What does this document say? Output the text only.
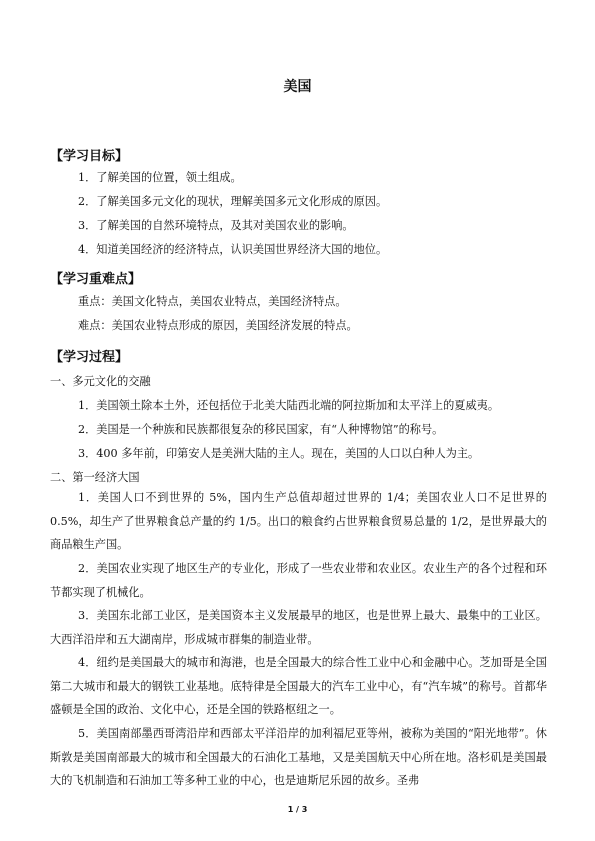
美国
【学习目标】
1．了解美国的位置，领土组成。
2．了解美国多元文化的现状，理解美国多元文化形成的原因。
3．了解美国的自然环境特点，及其对美国农业的影响。
4．知道美国经济的经济特点，认识美国世界经济大国的地位。
【学习重难点】
重点：美国文化特点，美国农业特点，美国经济特点。
难点：美国农业特点形成的原因，美国经济发展的特点。
【学习过程】
一、多元文化的交融
1．美国领土除本土外，还包括位于北美大陆西北端的阿拉斯加和太平洋上的夏威夷。
2．美国是一个种族和民族都很复杂的移民国家，有“人种博物馆”的称号。
3．400 多年前，印第安人是美洲大陆的主人。现在，美国的人口以白种人为主。
二、第一经济大国
1．美国人口不到世界的 5%，国内生产总值却超过世界的 1/4；美国农业人口不足世界的 0.5%，却生产了世界粮食总产量的约 1/5。出口的粮食约占世界粮食贸易总量的 1/2，是世界最大的商品粮生产国。
2．美国农业实现了地区生产的专业化，形成了一些农业带和农业区。农业生产的各个过程和环节都实现了机械化。
3．美国东北部工业区，是美国资本主义发展最早的地区，也是世界上最大、最集中的工业区。大西洋沿岸和五大湖南岸，形成城市群集的制造业带。
4．纽约是美国最大的城市和海港，也是全国最大的综合性工业中心和金融中心。芝加哥是全国第二大城市和最大的钢铁工业基地。底特律是全国最大的汽车工业中心，有“汽车城”的称号。首都华盛顿是全国的政治、文化中心，还是全国的铁路枢纽之一。
5．美国南部墨西哥湾沿岸和西部太平洋沿岸的加利福尼亚等州，被称为美国的“阳光地带”。休斯敦是美国南部最大的城市和全国最大的石油化工基地，又是美国航天中心所在地。洛杉矶是美国最大的飞机制造和石油加工等多种工业的中心，也是迪斯尼乐园的故乡。圣弗
1 / 3
